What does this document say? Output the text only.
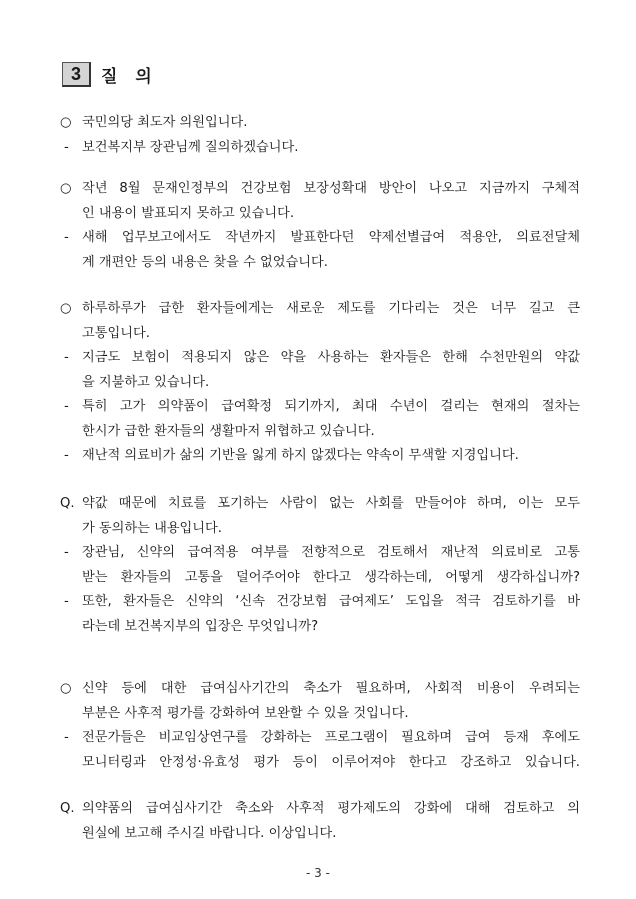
3	질 의
○ 국민의당 최도자 의원입니다.
-	보건복지부 장관님께 질의하겠습니다.
○ 작년 8월 문재인정부의 건강보험 보장성확대 방안이 나오고 지금까지 구체적
인 내용이 발표되지 못하고 있습니다.
-	새해 업무보고에서도 작년까지 발표한다던 약제선별급여 적용안, 의료전달체
계 개편안 등의 내용은 찾을 수 없었습니다.
○ 하루하루가 급한 환자들에게는 새로운 제도를 기다리는 것은 너무 길고 큰
고통입니다.
-	지금도 보험이 적용되지 않은 약을 사용하는 환자들은 한해 수천만원의 약값
을 지불하고 있습니다.
-	특히 고가 의약품이 급여확정 되기까지, 최대 수년이 걸리는 현재의 절차는
한시가 급한 환자들의 생활마저 위협하고 있습니다.
-	재난적 의료비가 삶의 기반을 잃게 하지 않겠다는 약속이 무색할 지경입니다.
Q. 약값 때문에 치료를 포기하는 사람이 없는 사회를 만들어야 하며, 이는 모두
가 동의하는 내용입니다.
-	장관님, 신약의 급여적용 여부를 전향적으로 검토해서 재난적 의료비로 고통
받는 환자들의 고통을 덜어주어야 한다고 생각하는데, 어떻게 생각하십니까?
-	또한, 환자들은 신약의 ‘신속 건강보험 급여제도’ 도입을 적극 검토하기를 바
라는데 보건복지부의 입장은 무엇입니까?
○ 신약 등에 대한 급여심사기간의 축소가 필요하며, 사회적 비용이 우려되는
부분은 사후적 평가를 강화하여 보완할 수 있을 것입니다.
-	전문가들은 비교임상연구를 강화하는 프로그램이 필요하며 급여 등재 후에도
모니터링과 안정성·유효성 평가 등이 이루어져야 한다고 강조하고 있습니다.
Q. 의약품의 급여심사기간 축소와 사후적 평가제도의 강화에 대해 검토하고 의
원실에 보고해 주시길 바랍니다. 이상입니다.
- 3 -
